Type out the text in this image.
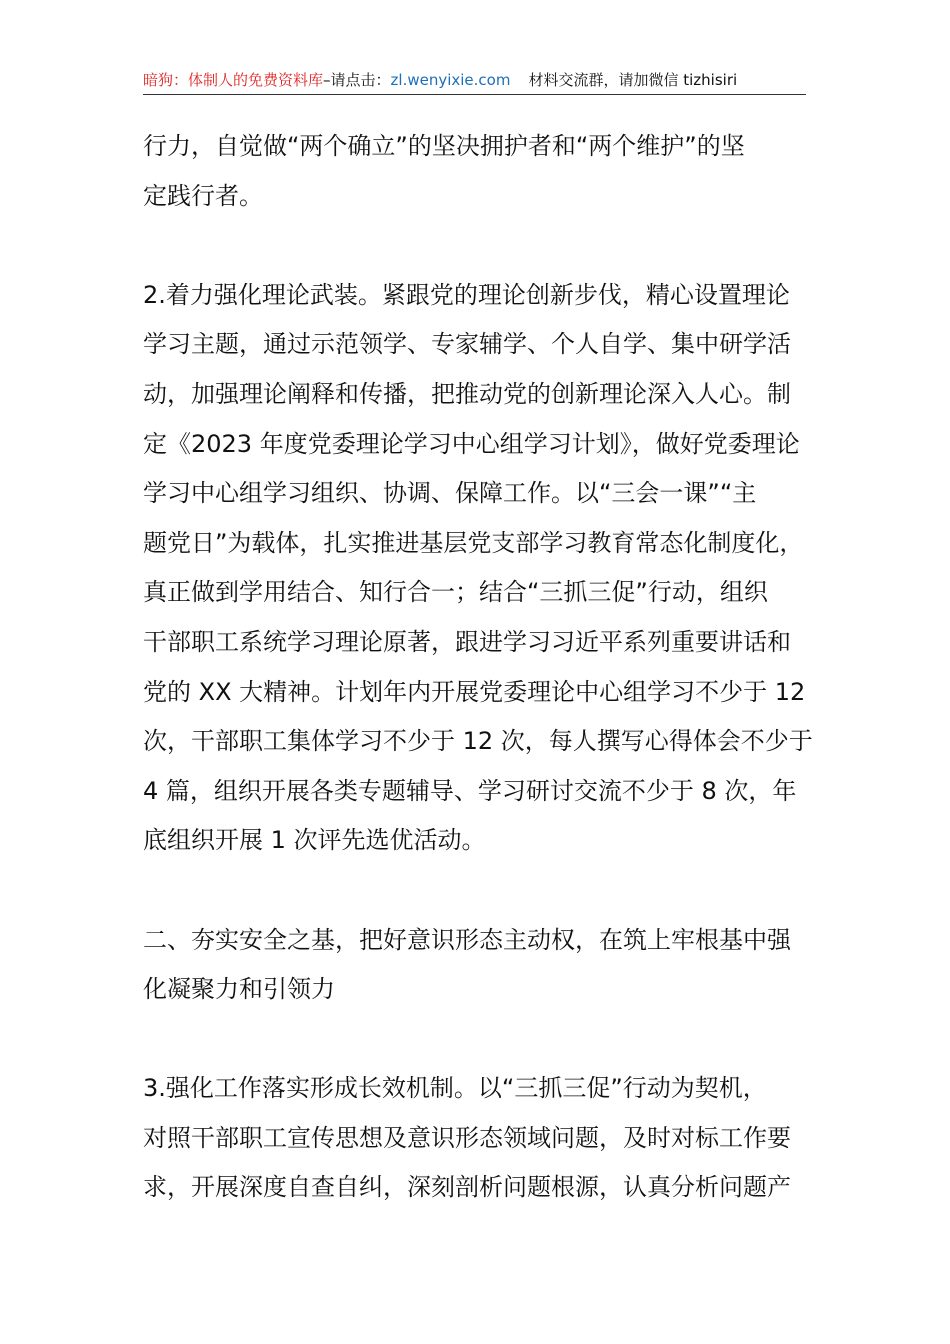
暗狗：体制人的免费资料库–请点击：zl.wenyixie.com 材料交流群，请加微信 tizhisiri
行力，自觉做“两个确立”的坚决拥护者和“两个维护”的坚
定践行者。
2.着力强化理论武装。紧跟党的理论创新步伐，精心设置理论
学习主题，通过示范领学、专家辅学、个人自学、集中研学活
动，加强理论阐释和传播，把推动党的创新理论深入人心。制
定《2023 年度党委理论学习中心组学习计划》，做好党委理论
学习中心组学习组织、协调、保障工作。以“三会一课”“主
题党日”为载体，扎实推进基层党支部学习教育常态化制度化，
真正做到学用结合、知行合一；结合“三抓三促”行动，组织
干部职工系统学习理论原著，跟进学习习近平系列重要讲话和
党的 XX 大精神。计划年内开展党委理论中心组学习不少于 12
次，干部职工集体学习不少于 12 次，每人撰写心得体会不少于
4 篇，组织开展各类专题辅导、学习研讨交流不少于 8 次，年
底组织开展 1 次评先选优活动。
二、夯实安全之基，把好意识形态主动权，在筑上牢根基中强
化凝聚力和引领力
3.强化工作落实形成长效机制。以“三抓三促”行动为契机，
对照干部职工宣传思想及意识形态领域问题，及时对标工作要
求，开展深度自查自纠，深刻剖析问题根源，认真分析问题产
